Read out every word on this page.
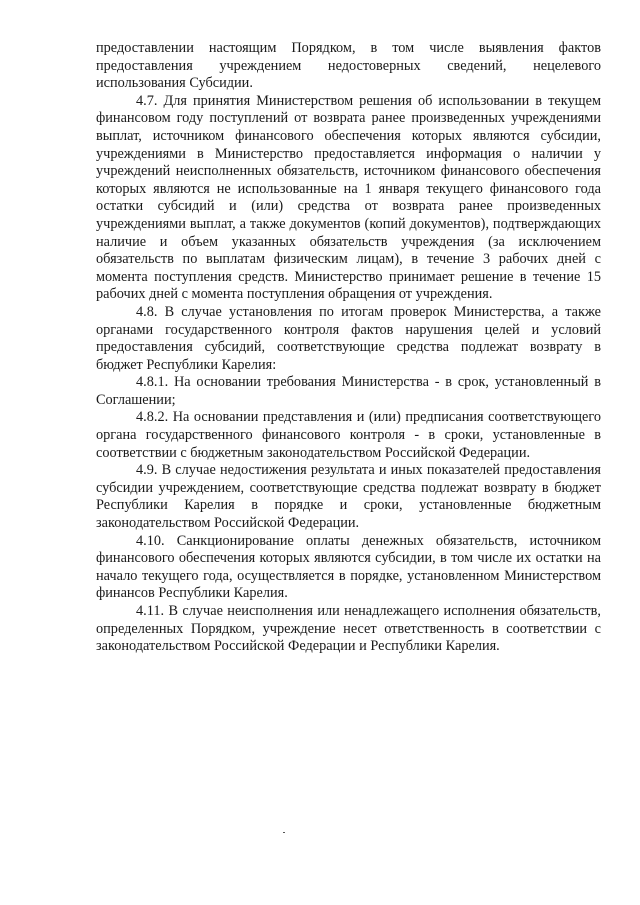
предоставлении настоящим Порядком, в том числе выявления фактов предоставления учреждением недостоверных сведений, нецелевого использования Субсидии.

4.7. Для принятия Министерством решения об использовании в текущем финансовом году поступлений от возврата ранее произведенных учреждениями выплат, источником финансового обеспечения которых являются субсидии, учреждениями в Министерство предоставляется информация о наличии у учреждений неисполненных обязательств, источником финансового обеспечения которых являются не использованные на 1 января текущего финансового года остатки субсидий и (или) средства от возврата ранее произведенных учреждениями выплат, а также документов (копий документов), подтверждающих наличие и объем указанных обязательств учреждения (за исключением обязательств по выплатам физическим лицам), в течение 3 рабочих дней с момента поступления средств. Министерство принимает решение в течение 15 рабочих дней с момента поступления обращения от учреждения.

4.8. В случае установления по итогам проверок Министерства, а также органами государственного контроля фактов нарушения целей и условий предоставления субсидий, соответствующие средства подлежат возврату в бюджет Республики Карелия:

4.8.1. На основании требования Министерства - в срок, установленный в Соглашении;

4.8.2. На основании представления и (или) предписания соответствующего органа государственного финансового контроля - в сроки, установленные в соответствии с бюджетным законодательством Российской Федерации.

4.9. В случае недостижения результата и иных показателей предоставления субсидии учреждением, соответствующие средства подлежат возврату в бюджет Республики Карелия в порядке и сроки, установленные бюджетным законодательством Российской Федерации.

4.10. Санкционирование оплаты денежных обязательств, источником финансового обеспечения которых являются субсидии, в том числе их остатки на начало текущего года, осуществляется в порядке, установленном Министерством финансов Республики Карелия.

4.11. В случае неисполнения или ненадлежащего исполнения обязательств, определенных Порядком, учреждение несет ответственность в соответствии с законодательством Российской Федерации и Республики Карелия.
